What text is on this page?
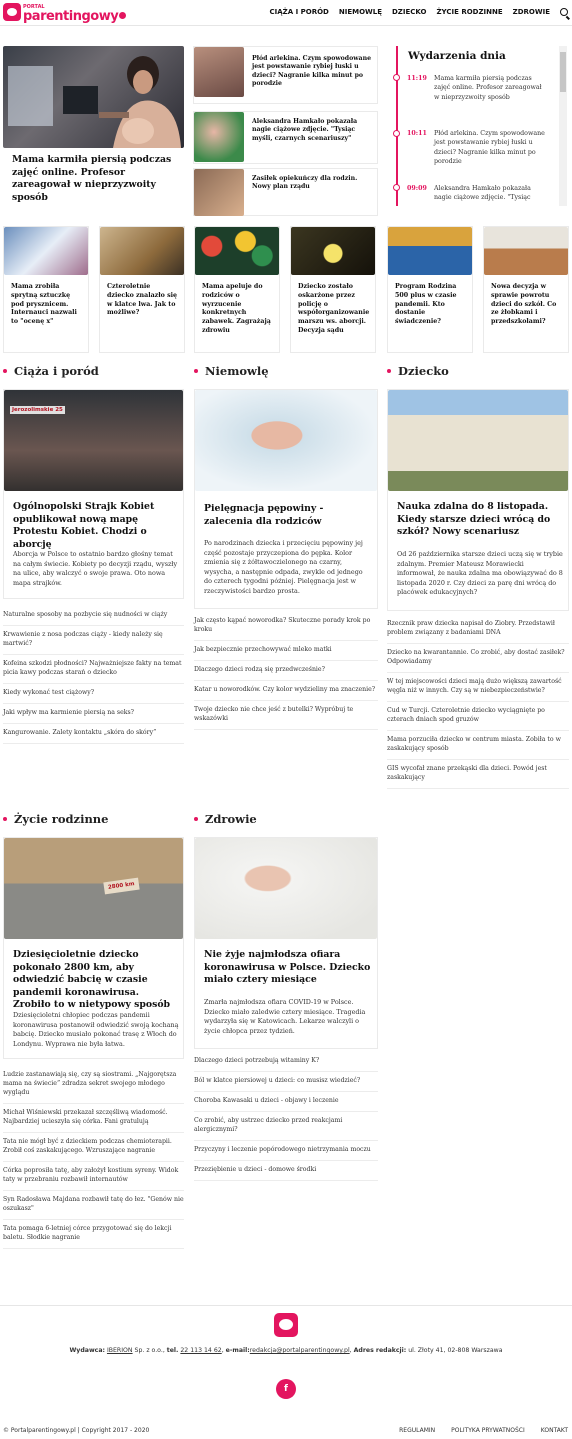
PORTAL
parentingowy	CIĄŻA I PORÓD NIEMOWLĘ DZIECKO ŻYCIE RODZINNE ZDROWIE
Mama karmiła piersią podczas zajęć online. Profesor zareagował w nieprzyzwoity sposób
Płód arlekina. Czym spowodowane jest powstawanie rybiej łuski u dzieci? Nagranie kilka minut po porodzie
Aleksandra Hamkało pokazała nagie ciążowe zdjęcie. "Tysiąc myśli, czarnych scenariuszy"
Zasiłek opiekuńczy dla rodzin. Nowy plan rządu
Wydarzenia dnia
11:19 Mama karmiła piersią podczas zajęć online. Profesor zareagował w nieprzyzwoity sposób
10:11 Płód arlekina. Czym spowodowane jest powstawanie rybiej łuski u dzieci? Nagranie kilka minut po porodzie
09:09 Aleksandra Hamkało pokazała nagie ciążowe zdjęcie. "Tysiąc
Mama zrobiła sprytną sztuczkę pod prysznicem. Internauci nazwali to "ocenę x"
Czteroletnie dziecko znalazło się w klatce lwa. Jak to możliwe?
Mama apeluje do rodziców o wyrzucenie konkretnych zabawek. Zagrażają zdrowiu
Dziecko zostało oskarżone przez policję o współorganizowanie marszu ws. aborcji. Decyzja sądu
Program Rodzina 500 plus w czasie pandemii. Kto dostanie świadczenie?
Nowa decyzja w sprawie powrotu dzieci do szkół. Co ze żłobkami i przedszkolami?
Ciąża i poród
Jerozolimskie 25
Ogólnopolski Strajk Kobiet opublikował nową mapę Protestu Kobiet. Chodzi o aborcję
Aborcja w Polsce to ostatnio bardzo głośny temat na całym świecie. Kobiety po decyzji rządu, wyszły na ulice, aby walczyć o swoje prawa. Oto nowa mapa strajków.
Naturalne sposoby na pozbycie się nudności w ciąży
Krwawienie z nosa podczas ciąży - kiedy należy się martwić?
Kofeina szkodzi płodności? Najważniejsze fakty na temat picia kawy podczas starań o dziecko
Kiedy wykonać test ciążowy?
Jaki wpływ ma karmienie piersią na seks?
Kangurowanie. Zalety kontaktu „skóra do skóry”
Niemowlę
Pielęgnacja pępowiny - zalecenia dla rodziców
Po narodzinach dziecka i przecięciu pępowiny jej część pozostaje przyczepiona do pępka. Kolor zmienia się z żółtawoczielonego na czarny, wysycha, a następnie odpada, zwykle od jednego do czterech tygodni później. Pielęgnacja jest w rzeczywistości bardzo prosta.
Jak często kąpać noworodka? Skuteczne porady krok po kroku
Jak bezpiecznie przechowywać mleko matki
Dlaczego dzieci rodzą się przedwcześnie?
Katar u noworodków. Czy kolor wydzieliny ma znaczenie?
Twoje dziecko nie chce jeść z butelki? Wypróbuj te wskazówki
Dziecko
Nauka zdalna do 8 listopada. Kiedy starsze dzieci wrócą do szkół? Nowy scenariusz
Od 26 października starsze dzieci uczą się w trybie zdalnym. Premier Mateusz Morawiecki informował, że nauka zdalna ma obowiązywać do 8 listopada 2020 r. Czy dzieci za parę dni wrócą do placówek edukacyjnych?
Rzecznik praw dziecka napisał do Ziobry. Przedstawił problem związany z badaniami DNA
Dziecko na kwarantannie. Co zrobić, aby dostać zasiłek? Odpowiadamy
W tej miejscowości dzieci mają dużo większą zawartość węgla niż w innych. Czy są w niebezpieczeństwie?
Cud w Turcji. Czteroletnie dziecko wyciągnięte po czterach dniach spod gruzów
Mama porzuciła dziecko w centrum miasta. Zobiła to w zaskakujący sposób
GIS wycofał znane przekąski dla dzieci. Powód jest zaskakujący
Życie rodzinne
2800 km
Dziesięcioletnie dziecko pokonało 2800 km, aby odwiedzić babcię w czasie pandemii koronawirusa. Zrobiło to w nietypowy sposób
Dziesięcioletni chłopiec podczas pandemii koronawirusa postanowił odwiedzić swoją kochaną babcię. Dziecko musiało pokonać trasę z Włoch do Londynu. Wyprawa nie była łatwa.
Ludzie zastanawiają się, czy są siostrami. „Najgorętsza mama na świecie” zdradza sekret swojego młodego wyglądu
Michał Wiśniewski przekazał szczęśliwą wiadomość. Najbardziej ucieszyła się córka. Fani gratulują
Tata nie mógł być z dzieckiem podczas chemioterapii. Zrobił coś zaskakującego. Wzruszające nagranie
Córka poprosiła tatę, aby założył kostium syreny. Widok taty w przebraniu rozbawił internautów
Syn Radosława Majdana rozbawił tatę do łez. "Genów nie oszukasz"
Tata pomaga 6-letniej córce przygotować się do lekcji baletu. Słodkie nagranie
Zdrowie
Nie żyje najmłodsza ofiara koronawirusa w Polsce. Dziecko miało cztery miesiące
Zmarła najmłodsza ofiara COVID-19 w Polsce. Dziecko miało zaledwie cztery miesiące. Tragedia wydarzyła się w Katowicach. Lekarze walczyli o życie chłopca przez tydzień.
Dlaczego dzieci potrzebują witaminy K?
Ból w klatce piersiowej u dzieci: co musisz wiedzieć?
Choroba Kawasaki u dzieci - objawy i leczenie
Co zrobić, aby ustrzec dziecko przed reakcjami alergicznymi?
Przyczyny i leczenie popórodowego nietrzymania moczu
Przeziębienie u dzieci - domowe środki
Wydawca: IBERION Sp. z o.o., tel. 22 113 14 62, e-mail:redakcja@portalparentingowy.pl, Adres redakcji: ul. Złoty 41, 02-808 Warszawa
f
© Portalparentingowy.pl | Copyright 2017 - 2020	REGULAMIN	POLITYKA PRYWATNOŚCI	KONTAKT
